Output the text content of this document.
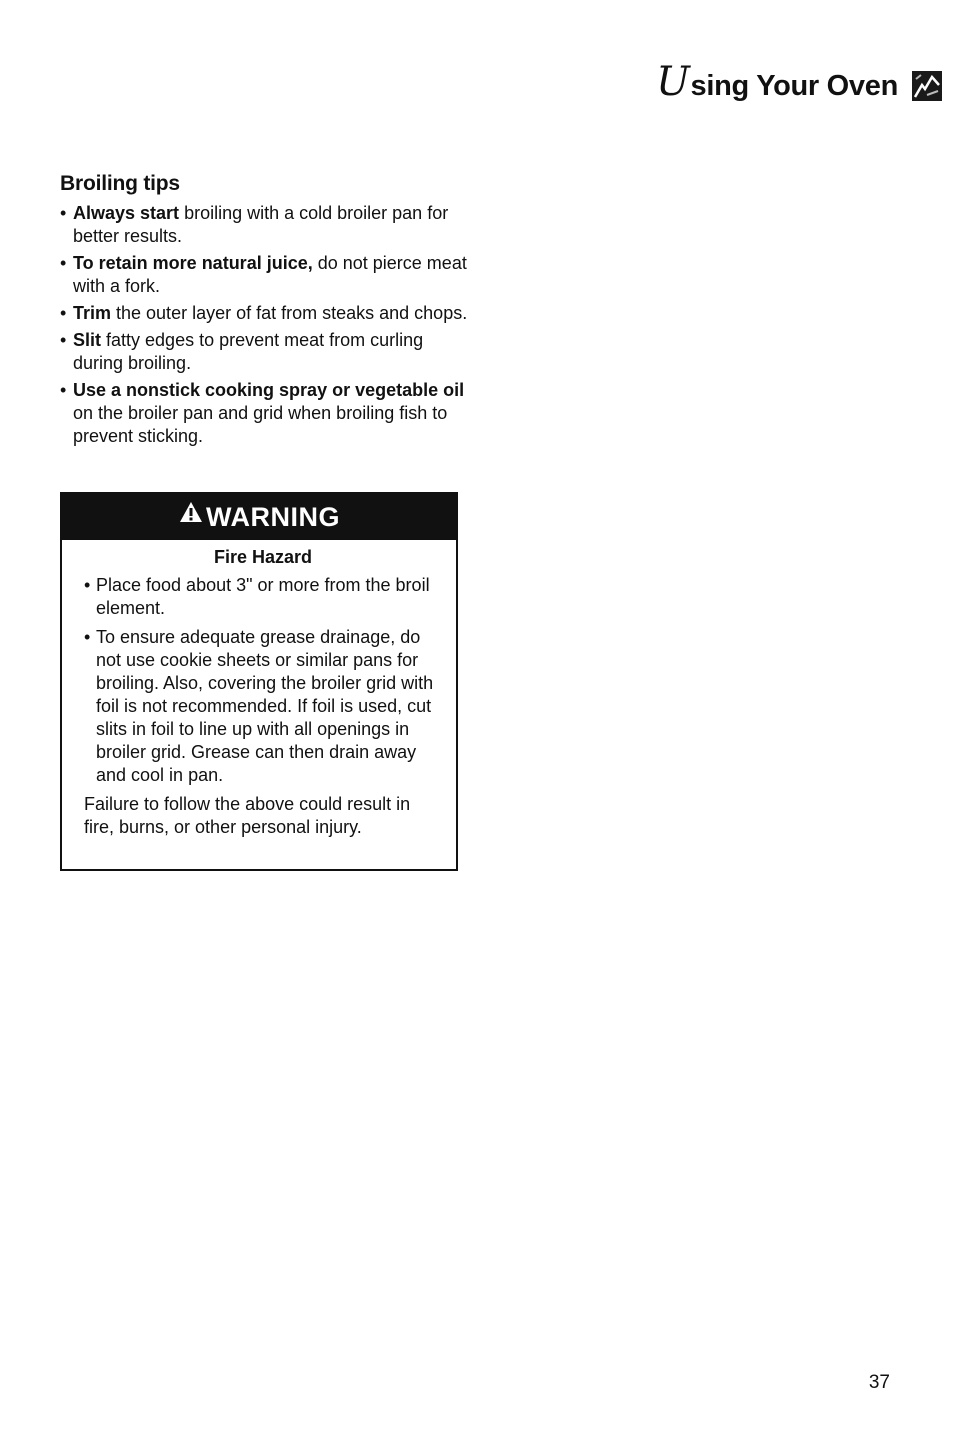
Using Your Oven
Broiling tips
• Always start broiling with a cold broiler pan for better results.
• To retain more natural juice, do not pierce meat with a fork.
• Trim the outer layer of fat from steaks and chops.
• Slit fatty edges to prevent meat from curling during broiling.
• Use a nonstick cooking spray or vegetable oil on the broiler pan and grid when broiling fish to prevent sticking.
WARNING

Fire Hazard

• Place food about 3" or more from the broil element.
• To ensure adequate grease drainage, do not use cookie sheets or similar pans for broiling. Also, covering the broiler grid with foil is not recommended. If foil is used, cut slits in foil to line up with all openings in broiler grid. Grease can then drain away and cool in pan.

Failure to follow the above could result in fire, burns, or other personal injury.

37
